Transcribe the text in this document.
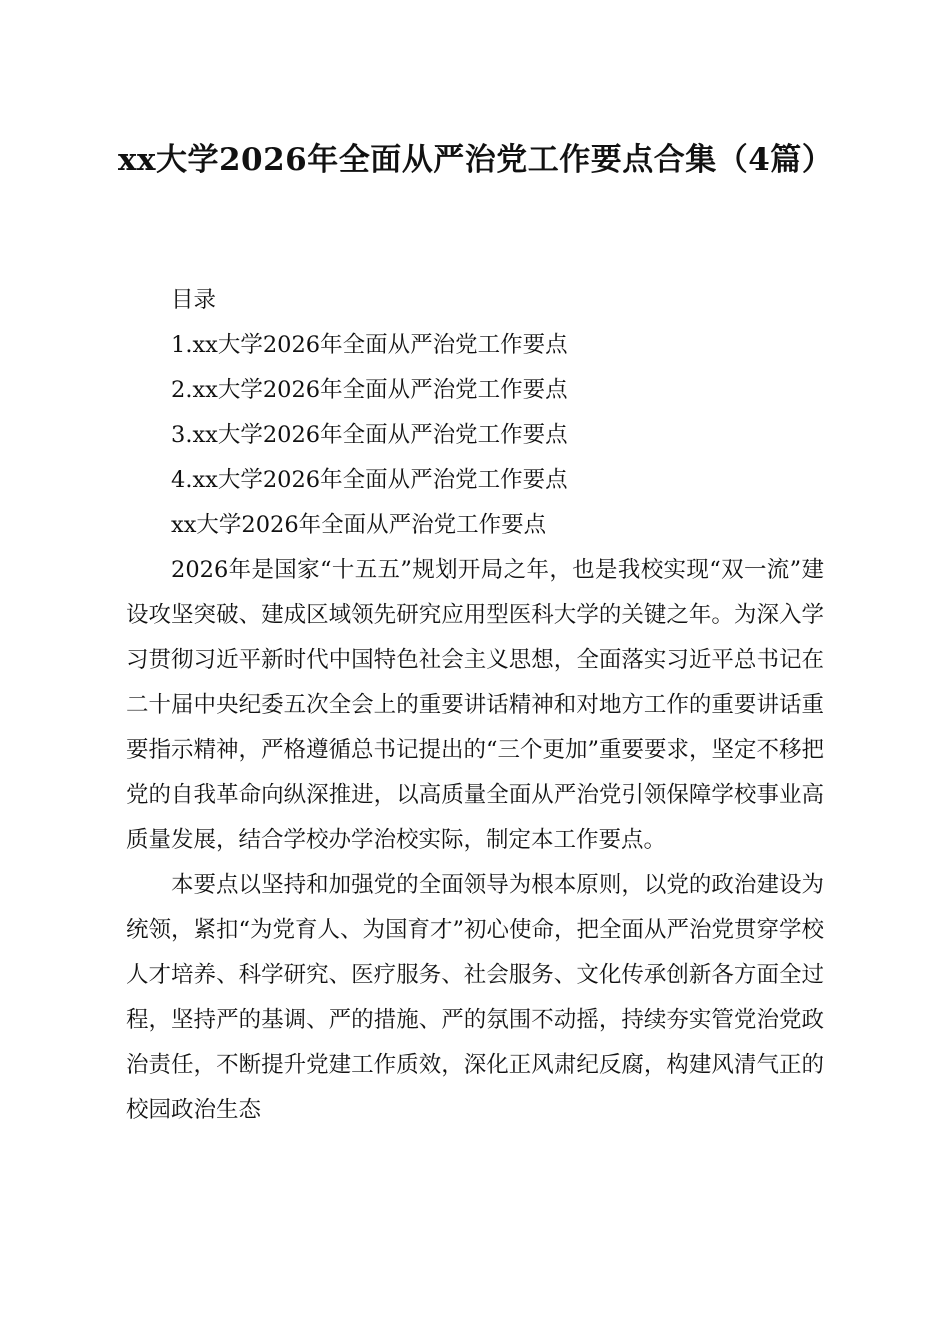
xx大学2026年全面从严治党工作要点合集（4篇）

目录

1.xx大学2026年全面从严治党工作要点

2.xx大学2026年全面从严治党工作要点

3.xx大学2026年全面从严治党工作要点

4.xx大学2026年全面从严治党工作要点

xx大学2026年全面从严治党工作要点

2026年是国家“十五五”规划开局之年，也是我校实现“双一流”建设攻坚突破、建成区域领先研究应用型医科大学的关键之年。为深入学习贯彻习近平新时代中国特色社会主义思想，全面落实习近平总书记在二十届中央纪委五次全会上的重要讲话精神和对地方工作的重要讲话重要指示精神，严格遵循总书记提出的“三个更加”重要要求，坚定不移把党的自我革命向纵深推进，以高质量全面从严治党引领保障学校事业高质量发展，结合学校办学治校实际，制定本工作要点。

本要点以坚持和加强党的全面领导为根本原则，以党的政治建设为统领，紧扣“为党育人、为国育才”初心使命，把全面从严治党贯穿学校人才培养、科学研究、医疗服务、社会服务、文化传承创新各方面全过程，坚持严的基调、严的措施、严的氛围不动摇，持续夯实管党治党政治责任，不断提升党建工作质效，深化正风肃纪反腐，构建风清气正的校园政治生态
